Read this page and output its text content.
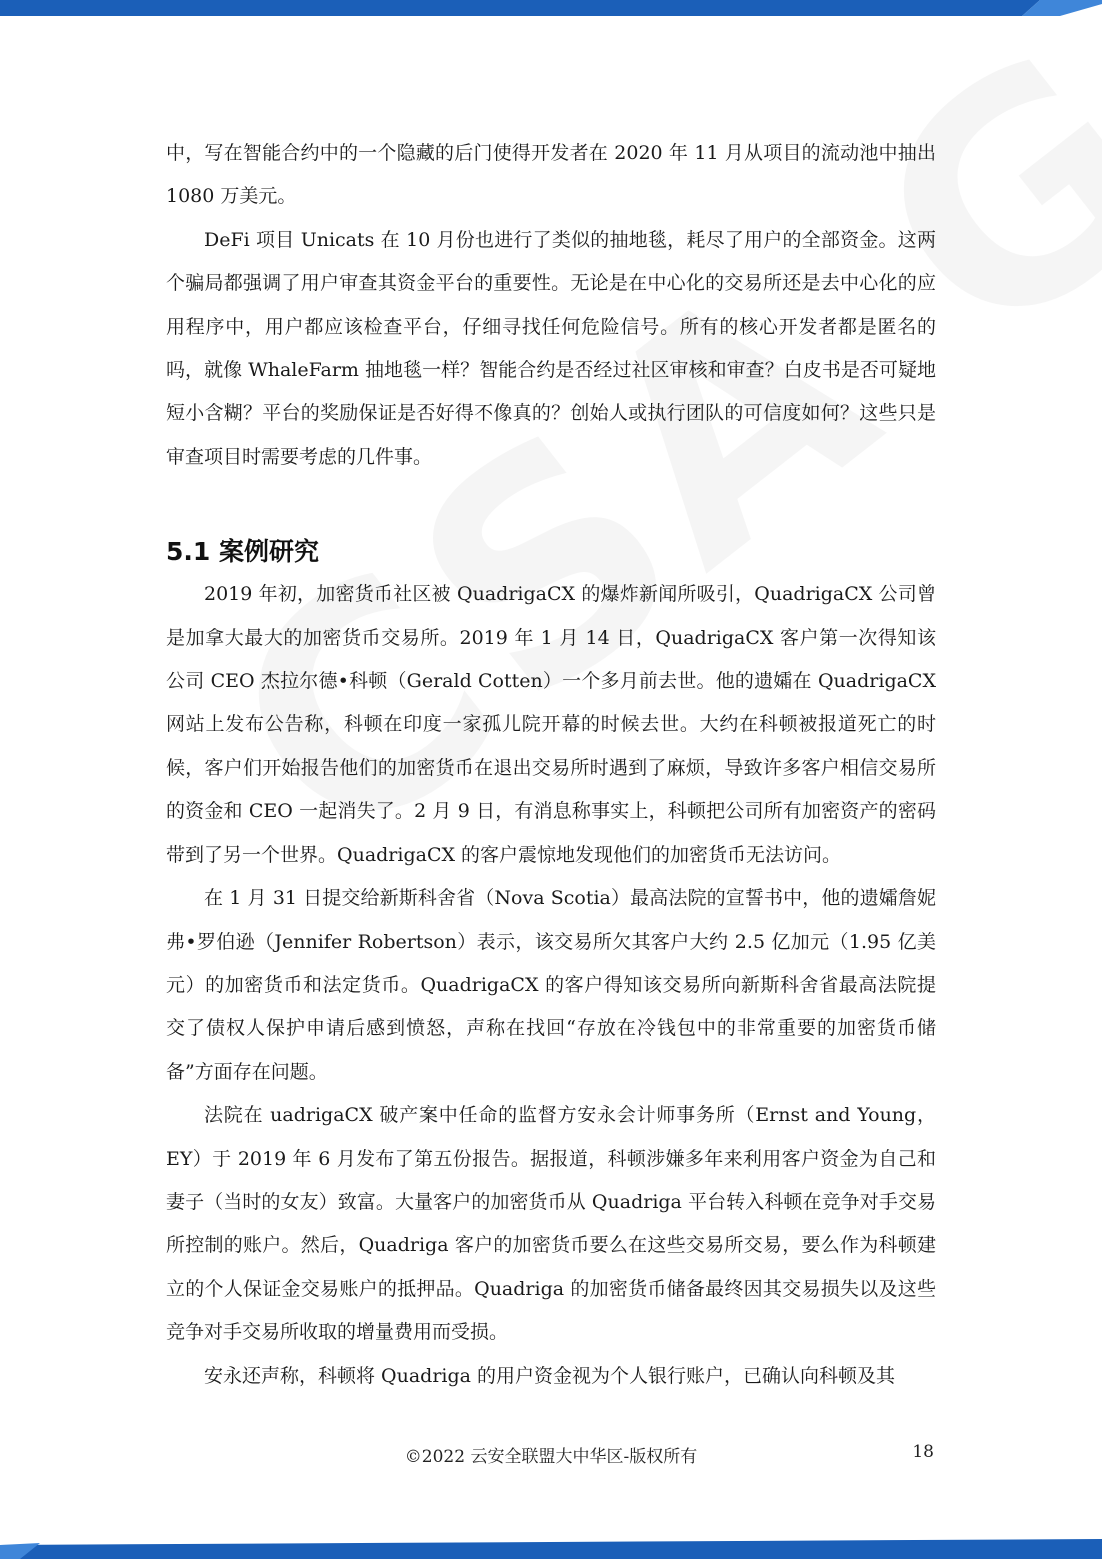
中，写在智能合约中的一个隐藏的后门使得开发者在 2020 年 11 月从项目的流动池中抽出 1080 万美元。

DeFi 项目 Unicats 在 10 月份也进行了类似的抽地毯，耗尽了用户的全部资金。这两个骗局都强调了用户审查其资金平台的重要性。无论是在中心化的交易所还是去中心化的应用程序中，用户都应该检查平台，仔细寻找任何危险信号。所有的核心开发者都是匿名的吗，就像 WhaleFarm 抽地毯一样？智能合约是否经过社区审核和审查？白皮书是否可疑地短小含糊？平台的奖励保证是否好得不像真的？创始人或执行团队的可信度如何？这些只是审查项目时需要考虑的几件事。

5.1 案例研究

2019 年初，加密货币社区被 QuadrigaCX 的爆炸新闻所吸引，QuadrigaCX 公司曾是加拿大最大的加密货币交易所。2019 年 1 月 14 日，QuadrigaCX 客户第一次得知该公司 CEO 杰拉尔德•科顿（Gerald Cotten）一个多月前去世。他的遗孀在 QuadrigaCX 网站上发布公告称，科顿在印度一家孤儿院开幕的时候去世。大约在科顿被报道死亡的时候，客户们开始报告他们的加密货币在退出交易所时遇到了麻烦，导致许多客户相信交易所的资金和 CEO 一起消失了。2 月 9 日，有消息称事实上，科顿把公司所有加密资产的密码带到了另一个世界。QuadrigaCX 的客户震惊地发现他们的加密货币无法访问。

在 1 月 31 日提交给新斯科舍省（Nova Scotia）最高法院的宣誓书中，他的遗孀詹妮弗•罗伯逊（Jennifer Robertson）表示，该交易所欠其客户大约 2.5 亿加元（1.95 亿美元）的加密货币和法定货币。QuadrigaCX 的客户得知该交易所向新斯科舍省最高法院提交了债权人保护申请后感到愤怒，声称在找回“存放在冷钱包中的非常重要的加密货币储备”方面存在问题。

法院在 uadrigaCX 破产案中任命的监督方安永会计师事务所（Ernst and Young，EY）于 2019 年 6 月发布了第五份报告。据报道，科顿涉嫌多年来利用客户资金为自己和妻子（当时的女友）致富。大量客户的加密货币从 Quadriga 平台转入科顿在竞争对手交易所控制的账户。然后，Quadriga 客户的加密货币要么在这些交易所交易，要么作为科顿建立的个人保证金交易账户的抵押品。Quadriga 的加密货币储备最终因其交易损失以及这些竞争对手交易所收取的增量费用而受损。

安永还声称，科顿将 Quadriga 的用户资金视为个人银行账户，已确认向科顿及其

©2022 云安全联盟大中华区-版权所有	18
